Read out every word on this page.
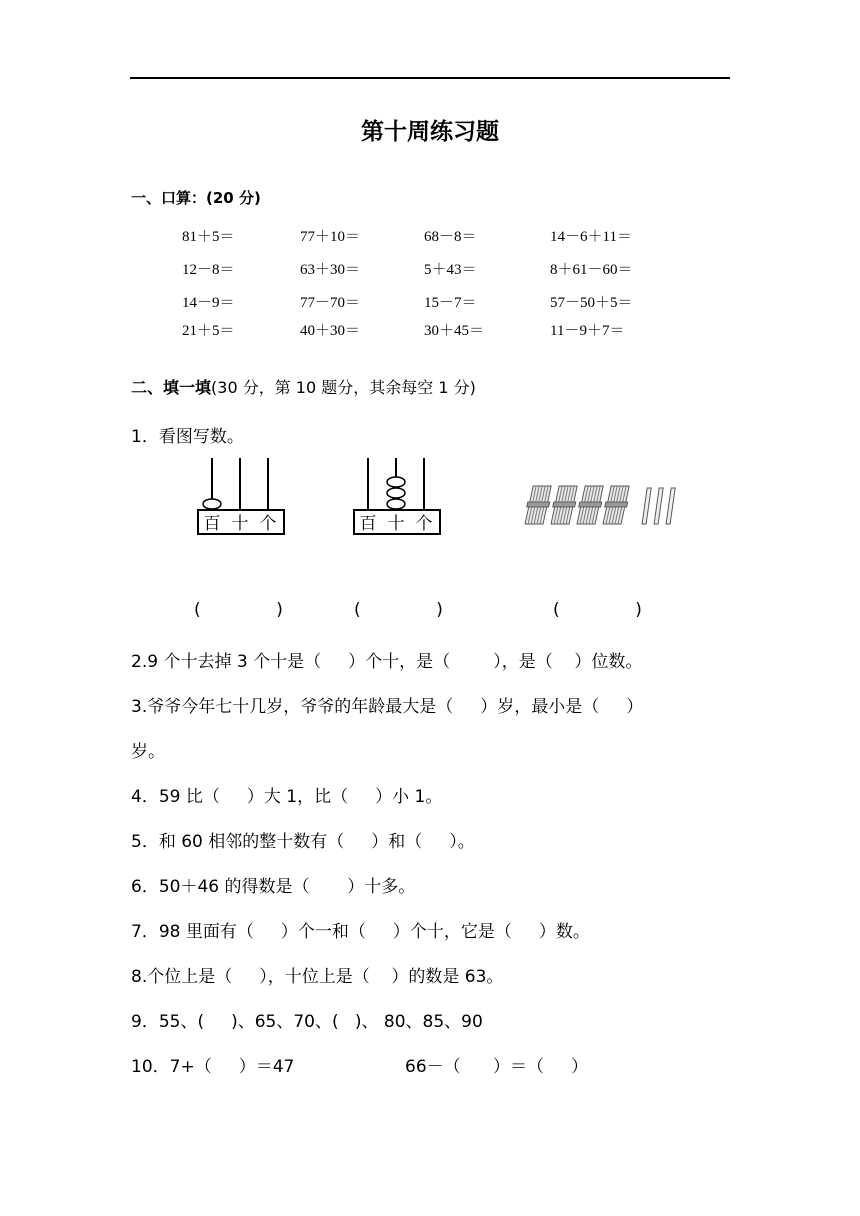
第十周练习题
一、口算：(20 分)
81＋5＝	77＋10＝	68－8＝	14－6＋11＝
12－8＝	63＋30＝	5＋43＝	8＋61－60＝
14－9＝	77－70＝	15－7＝	57－50＋5＝
21＋5＝	40＋30＝	30＋45＝	11－9＋7＝
二、填一填(30 分，第 10 题分，其余每空 1 分)
1．看图写数。
百 十 个	百 十 个
(              )	(              )	(              )
2.9 个十去掉 3 个十是（     ）个十，是（        ），是（    ）位数。
3.爷爷今年七十几岁，爷爷的年龄最大是（     ）岁，最小是（     ）
岁。
4．59 比（     ）大 1，比（     ）小 1。
5．和 60 相邻的整十数有（     ）和（     ）。
6．50＋46 的得数是（       ）十多。
7．98 里面有（     ）个一和（     ）个十，它是（     ）数。
8.个位上是（     ），十位上是（    ）的数是 63。
9．55、(     )、65、70、(   )、 80、85、90
10．7+（     ）＝47	66－（      ）＝（     ）
